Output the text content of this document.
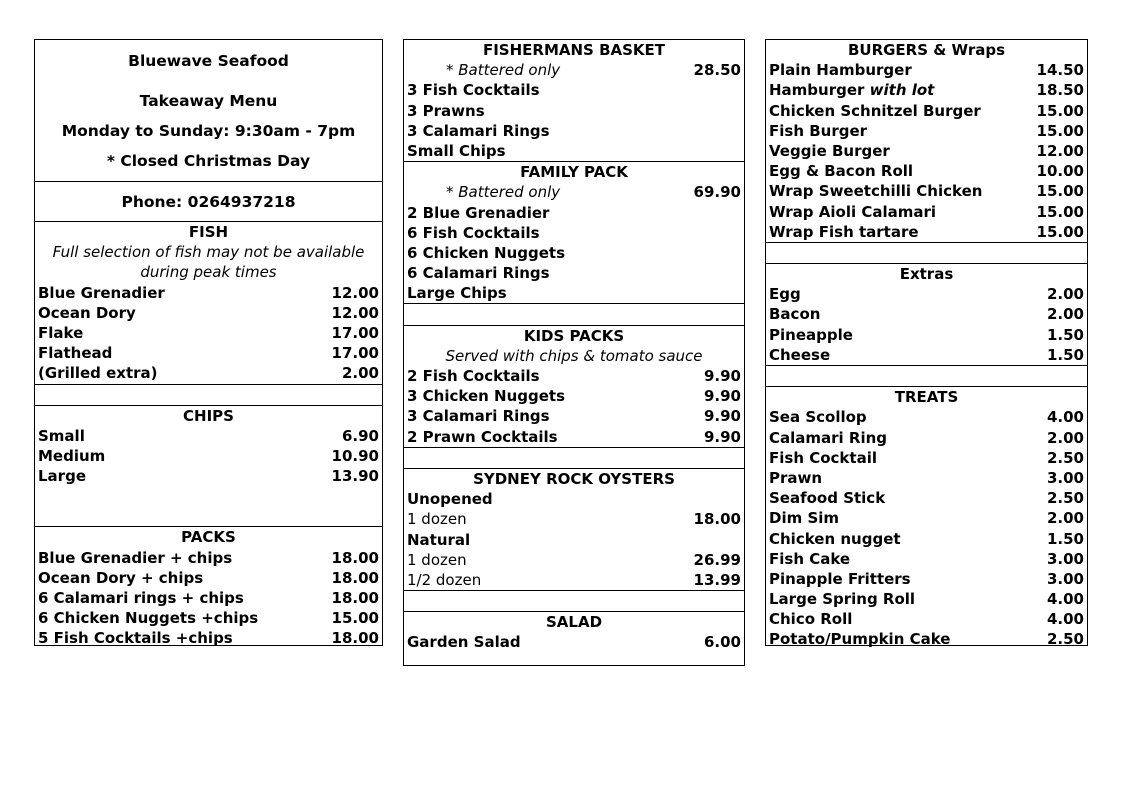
Bluewave Seafood
Takeaway Menu
Monday to Sunday: 9:30am - 7pm
* Closed Christmas Day
Phone: 0264937218
FISH
Full selection of fish may not be available
during peak times
Blue Grenadier	12.00
Ocean Dory	12.00
Flake	17.00
Flathead	17.00
(Grilled extra)	2.00
CHIPS
Small	6.90
Medium	10.90
Large	13.90
PACKS
Blue Grenadier + chips	18.00
Ocean Dory + chips	18.00
6 Calamari rings + chips	18.00
6 Chicken Nuggets +chips	15.00
5 Fish Cocktails +chips	18.00
FISHERMANS BASKET
* Battered only	28.50
3 Fish Cocktails
3 Prawns
3 Calamari Rings
Small Chips
FAMILY PACK
* Battered only	69.90
2 Blue Grenadier
6 Fish Cocktails
6 Chicken Nuggets
6 Calamari Rings
Large Chips
KIDS PACKS
Served with chips & tomato sauce
2 Fish Cocktails	9.90
3 Chicken Nuggets	9.90
3 Calamari Rings	9.90
2 Prawn Cocktails	9.90
SYDNEY ROCK OYSTERS
Unopened
1 dozen	18.00
Natural
1 dozen	26.99
1/2 dozen	13.99
SALAD
Garden Salad	6.00
BURGERS & Wraps
Plain Hamburger	14.50
Hamburger with lot	18.50
Chicken Schnitzel Burger	15.00
Fish Burger	15.00
Veggie Burger	12.00
Egg & Bacon Roll	10.00
Wrap Sweetchilli Chicken	15.00
Wrap Aioli Calamari	15.00
Wrap Fish tartare	15.00
Extras
Egg	2.00
Bacon	2.00
Pineapple	1.50
Cheese	1.50
TREATS
Sea Scollop	4.00
Calamari Ring	2.00
Fish Cocktail	2.50
Prawn	3.00
Seafood Stick	2.50
Dim Sim	2.00
Chicken nugget	1.50
Fish Cake	3.00
Pinapple Fritters	3.00
Large Spring Roll	4.00
Chico Roll	4.00
Potato/Pumpkin Cake	2.50
